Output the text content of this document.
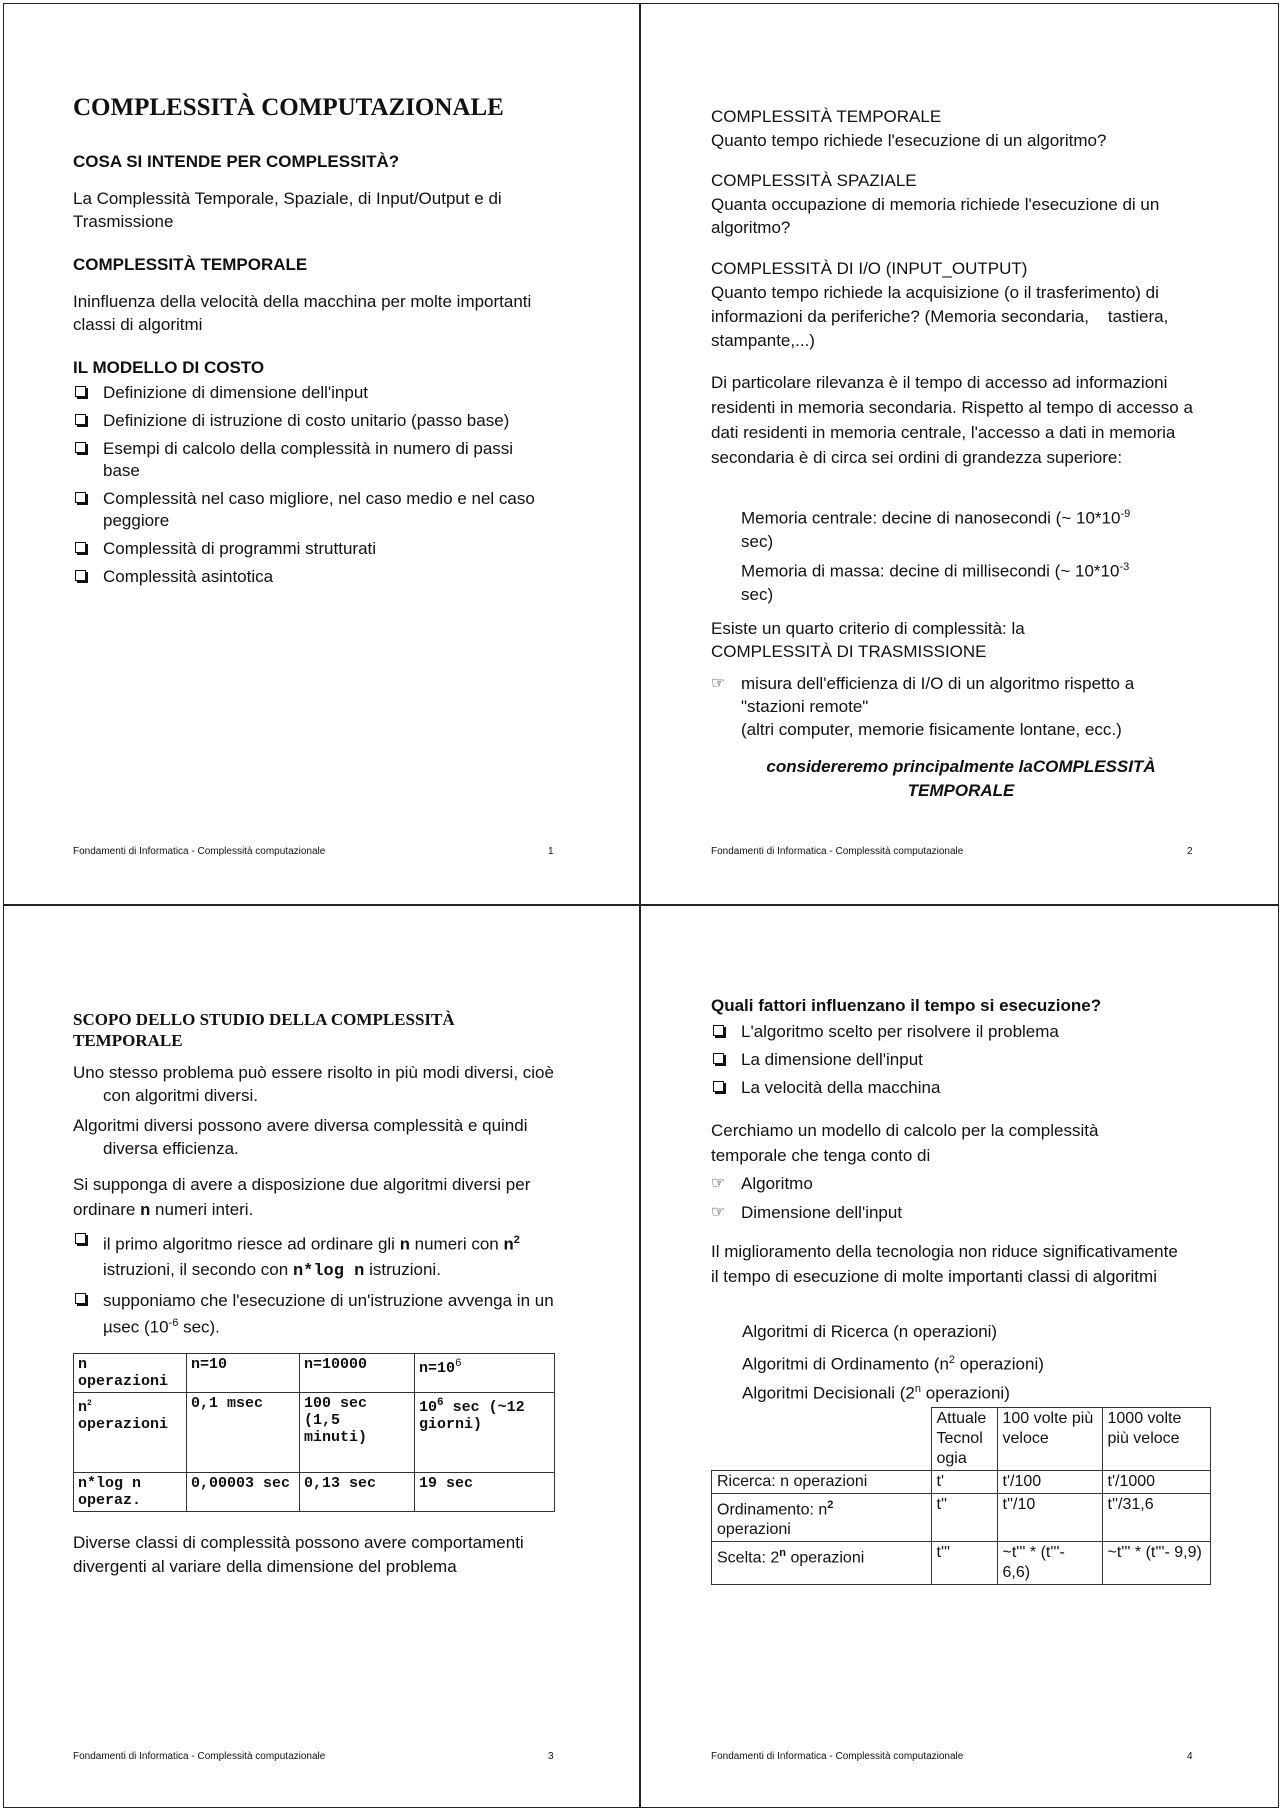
COMPLESSITÀ COMPUTAZIONALE
COSA SI INTENDE PER COMPLESSITÀ?
La Complessità Temporale, Spaziale, di Input/Output e di Trasmissione
COMPLESSITÀ TEMPORALE
Ininfluenza della velocità della macchina per molte importanti classi di algoritmi
IL MODELLO DI COSTO
Definizione di dimensione dell'input
Definizione di istruzione di costo unitario (passo base)
Esempi di calcolo della complessità in numero di passi base
Complessità nel caso migliore, nel caso medio e nel caso peggiore
Complessità di programmi strutturati
Complessità asintotica
Fondamenti di Informatica - Complessità computazionale	1
COMPLESSITÀ TEMPORALE
Quanto tempo richiede l'esecuzione di un algoritmo?
COMPLESSITÀ SPAZIALE
Quanta occupazione di memoria richiede l'esecuzione di un algoritmo?
COMPLESSITÀ DI I/O (INPUT_OUTPUT)
Quanto tempo richiede la acquisizione (o il trasferimento) di informazioni da periferiche? (Memoria secondaria,    tastiera, stampante,...)
Di particolare rilevanza è il tempo di accesso ad informazioni residenti in memoria secondaria. Rispetto al tempo di accesso a dati residenti in memoria centrale, l'accesso a dati in memoria secondaria è di circa sei ordini di grandezza superiore:
Memoria centrale: decine di nanosecondi (~ $10*10^{-9}$
sec)
Memoria di massa: decine di millisecondi (~ $10*10^{-3}$
sec)
Esiste un quarto criterio di complessità: la COMPLESSITÀ DI TRASMISSIONE
☞ misura dell'efficienza di I/O di un algoritmo rispetto a "stazioni remote"
(altri computer, memorie fisicamente lontane, ecc.)
considereremo principalmente laCOMPLESSITÀ
TEMPORALE
Fondamenti di Informatica - Complessità computazionale	2
SCOPO DELLO STUDIO DELLA COMPLESSITÀ TEMPORALE
Uno stesso problema può essere risolto in più modi diversi, cioè con algoritmi diversi.
Algoritmi diversi possono avere diversa complessità e quindi diversa efficienza.
Si supponga di avere a disposizione due algoritmi diversi per ordinare n numeri interi.
il primo algoritmo riesce ad ordinare gli n numeri con $n^2$ istruzioni, il secondo con n*log n istruzioni.
supponiamo che l'esecuzione di un'istruzione avvenga in un µsec ($10^{-6}$ sec).
n operazioni	n=10	n=10000	$n=10^6$
$n^2$
operazioni	0,1 msec	100 sec (1,5 minuti)	$10^6$ sec (~12 giorni)
n*log n operaz.	0,00003 sec	0,13 sec	19 sec
Diverse classi di complessità possono avere comportamenti divergenti al variare della dimensione del problema
Fondamenti di Informatica - Complessità computazionale	3
Quali fattori influenzano il tempo si esecuzione?
L'algoritmo scelto per risolvere il problema
La dimensione dell'input
La velocità della macchina
Cerchiamo un modello di calcolo per la complessità temporale che tenga conto di
☞ Algoritmo
☞ Dimensione dell'input
Il miglioramento della tecnologia non riduce significativamente il tempo di esecuzione di molte importanti classi di algoritmi
Algoritmi di Ricerca (n operazioni)
Algoritmi di Ordinamento ($n^2$ operazioni)
Algoritmi Decisionali (2$^n$ operazioni)
	Attuale Tecnol ogia	100 volte più veloce	1000 volte più veloce
Ricerca: n operazioni	t'	t'/100	t'/1000
Ordinamento: $n^2$
operazioni	t''	t''/10	t''/31,6
Scelta: 2$^n$ operazioni	t'''	~t''' * (t'''- 6,6)	~t''' * (t'''- 9,9)
Fondamenti di Informatica - Complessità computazionale	4
